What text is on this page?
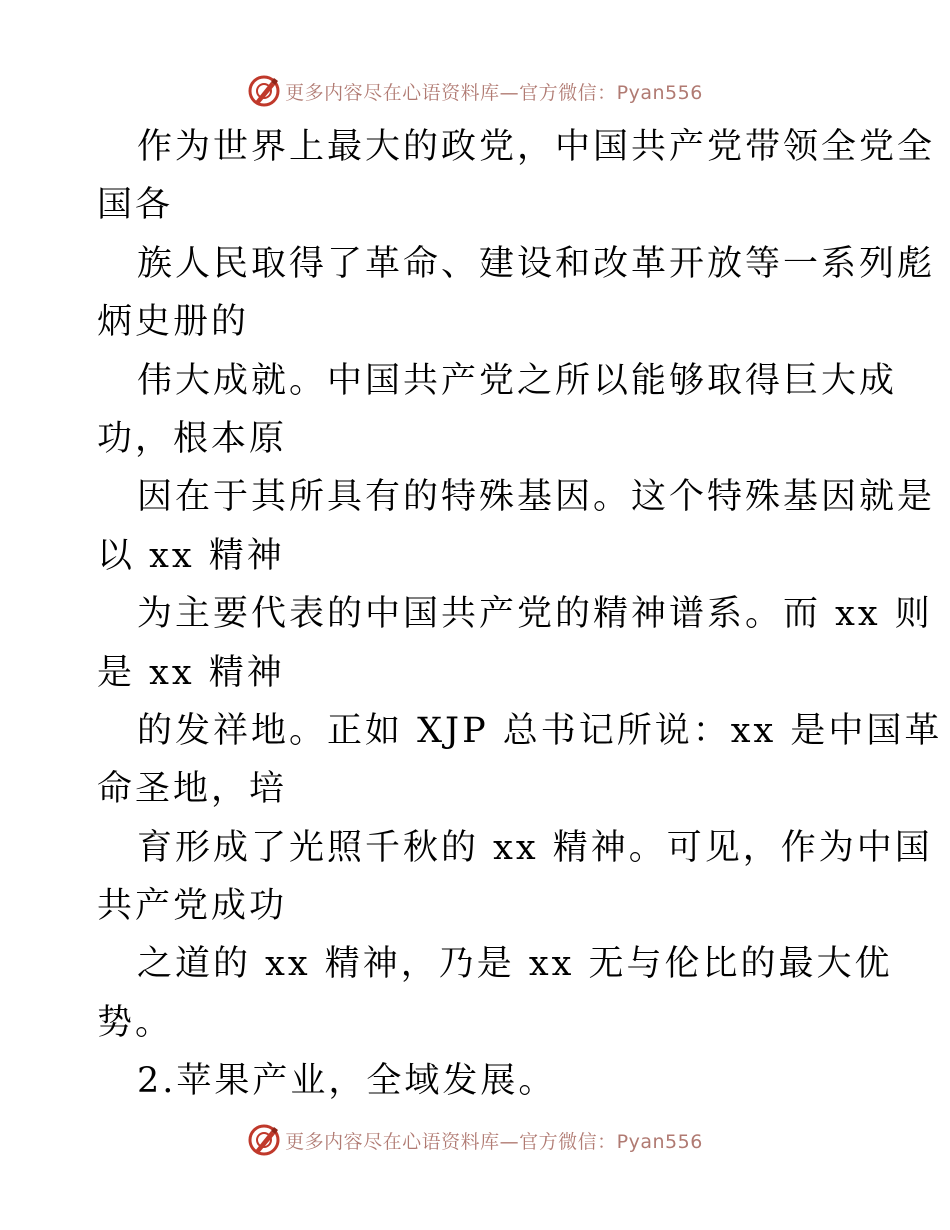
更多内容尽在心语资料库—官方微信：Pyan556
作为世界上最大的政党，中国共产党带领全党全
国各
族人民取得了革命、建设和改革开放等一系列彪
炳史册的
伟大成就。中国共产党之所以能够取得巨大成
功，根本原
因在于其所具有的特殊基因。这个特殊基因就是
以 xx 精神
为主要代表的中国共产党的精神谱系。而 xx 则
是 xx 精神
的发祥地。正如 XJP 总书记所说：xx 是中国革
命圣地，培
育形成了光照千秋的 xx 精神。可见，作为中国
共产党成功
之道的 xx 精神，乃是 xx 无与伦比的最大优
势。
2.苹果产业，全域发展。
更多内容尽在心语资料库—官方微信：Pyan556
